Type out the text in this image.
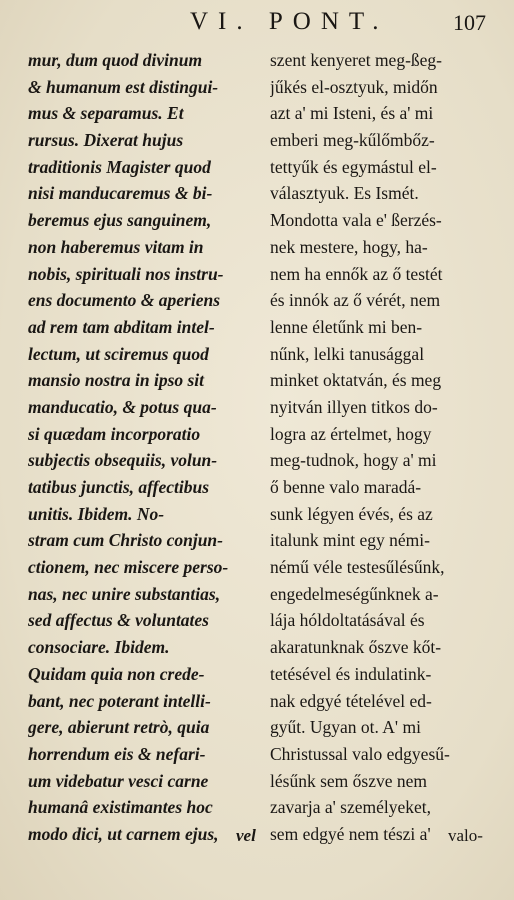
VI. PONT.	107
mur, dum quod divinum
& humanum est distingui-
mus & separamus. Et
rursus. Dixerat hujus
traditionis Magister quod
nisi manducaremus & bi-
beremus ejus sanguinem,
non haberemus vitam in
nobis, spirituali nos instru-
ens documento & aperiens
ad rem tam abditam intel-
lectum, ut sciremus quod
mansio nostra in ipso sit
manducatio, & potus qua-
si quædam incorporatio
subjectis obsequiis, volun-
tatibus junctis, affectibus
unitis. Ibidem. No-
stram cum Christo conjun-
ctionem, nec miscere perso-
nas, nec unire substantias,
sed affectus & voluntates
consociare. Ibidem.
Quidam quia non crede-
bant, nec poterant intelli-
gere, abierunt retrò, quia
horrendum eis & nefari-
um videbatur vesci carne
humanâ existimantes hoc
modo dici, ut carnem ejus,
szent kenyeret meg-ßeg-
jűkés el-osztyuk, midőn
azt a' mi Isteni, és a' mi
emberi meg-kűlőmbőz-
tettyűk és egymástul el-
választyuk. Es Ismét.
Mondotta vala e' ßerzés-
nek mestere, hogy, ha-
nem ha ennők az ő testét
és innók az ő vérét, nem
lenne életűnk mi ben-
nűnk, lelki tanusággal
minket oktatván, és meg
nyitván illyen titkos do-
logra az értelmet, hogy
meg-tudnok, hogy a' mi
ő benne valo maradá-
sunk légyen évés, és az
italunk mint egy némi-
némű véle testesűlésűnk,
engedelmeségűnknek a-
lája hóldoltatásával és
akaratunknak őszve kőt-
tetésével és indulatink-
nak edgyé tételével ed-
gyűt. Ugyan ot. A' mi
Christussal valo edgyesű-
lésűnk sem őszve nem
zavarja a' személyeket,
sem edgyé nem tészi a'
vel	valo-
